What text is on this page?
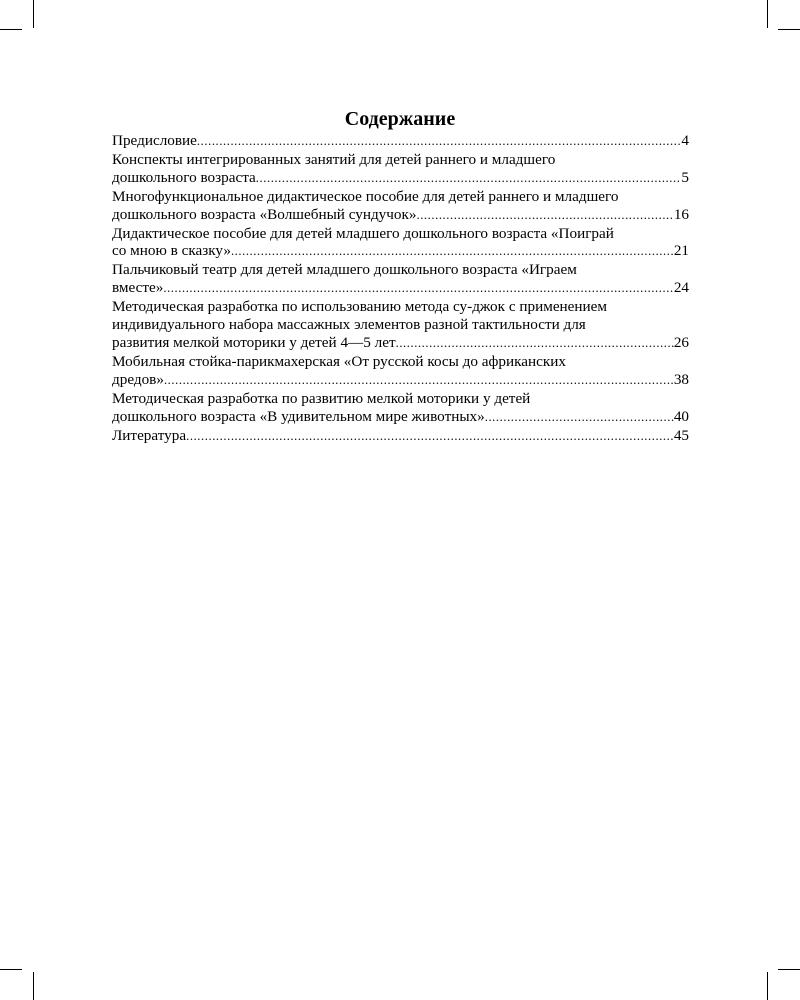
Содержание
Предисловие .....	4
Конспекты интегрированных занятий для детей раннего и младшего
дошкольного возраста .....	5
Многофункциональное дидактическое пособие для детей раннего и младшего
дошкольного возраста «Волшебный сундучок» .....	16
Дидактическое пособие для детей младшего дошкольного возраста «Поиграй
со мною в сказку» .....	21
Пальчиковый театр для детей младшего дошкольного возраста «Играем
вместе» .....	24
Методическая разработка по использованию метода су-джок с применением
индивидуального набора массажных элементов разной тактильности для
развития мелкой моторики у детей 4—5 лет .....	26
Мобильная стойка-парикмахерская «От русской косы до африканских
дредов» .....	38
Методическая разработка по развитию мелкой моторики у детей
дошкольного возраста «В удивительном мире животных» .....	40
Литература .....	45
